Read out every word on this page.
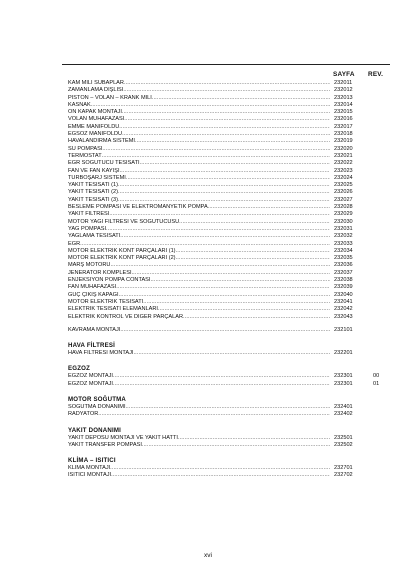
SAYFA REV.
KAM MİLİ SUBAPLAR .....	232011
ZAMANLAMA DİŞLİSİ .....	232012
PİSTON – VOLAN – KRANK MİLİ .....	232013
KASNAK .....	232014
ÖN KAPAK MONTAJI .....	232015
VOLAN MUHAFAZASI .....	232016
EMME MANİFOLDU .....	232017
EGSOZ MANİFOLDU .....	232018
HAVALANDIRMA SİSTEMİ .....	232019
SU POMPASI .....	232020
TERMOSTAT .....	232021
EGR SOĞUTUCU TESİSATI .....	232022
FAN VE FAN KAYIŞI .....	232023
TURBOŞARJ SİSTEMİ .....	232024
YAKIT TESİSATI (1) .....	232025
YAKIT TESİSATI (2) .....	232026
YAKIT TESİSATI (3) .....	232027
BESLEME POMPASI VE ELEKTROMANYETİK POMPA .....	232028
YAKIT FİLTRESİ .....	232029
MOTOR YAĞI FİLTRESİ VE SOĞUTUCUSU .....	232030
YAĞ POMPASI .....	232031
YAĞLAMA TESİSATI .....	232032
EGR .....	232033
MOTOR ELEKTRİK KONT PARÇALARI (1) .....	232034
MOTOR ELEKTRİK KONT PARÇALARI (2) .....	232035
MARŞ MOTORU .....	232036
JENERATOR KOMPLESİ .....	232037
ENJEKSİYON POMPA CONTASI .....	232038
FAN MUHAFAZASI .....	232039
GÜÇ ÇIKIŞ KAPAĞI .....	232040
MOTOR ELEKTRİK TESİSATI .....	232041
ELEKTRİK TESİSATI ELEMANLARI .....	232042
ELEKTRİK KONTROL VE DİĞER PARÇALAR .....	232043
KAVRAMA MONTAJI .....	232101
HAVA FİLTRESİ
HAVA FİLTRESİ MONTAJI .....	232201
EGZOZ
EGZOZ MONTAJI .....	232301	00
EGZOZ MONTAJI .....	232301	01
MOTOR SOĞUTMA
SOĞUTMA DONANIMI .....	232401
RADYATÖR .....	232402
YAKIT DONANIMI
YAKIT DEPOSU MONTAJI VE YAKIT HATTI .....	232501
YAKIT TRANSFER POMPASI .....	232502
KLİMA – ISITICI
KLİMA MONTAJI .....	232701
ISITICI MONTAJI .....	232702
xvi
